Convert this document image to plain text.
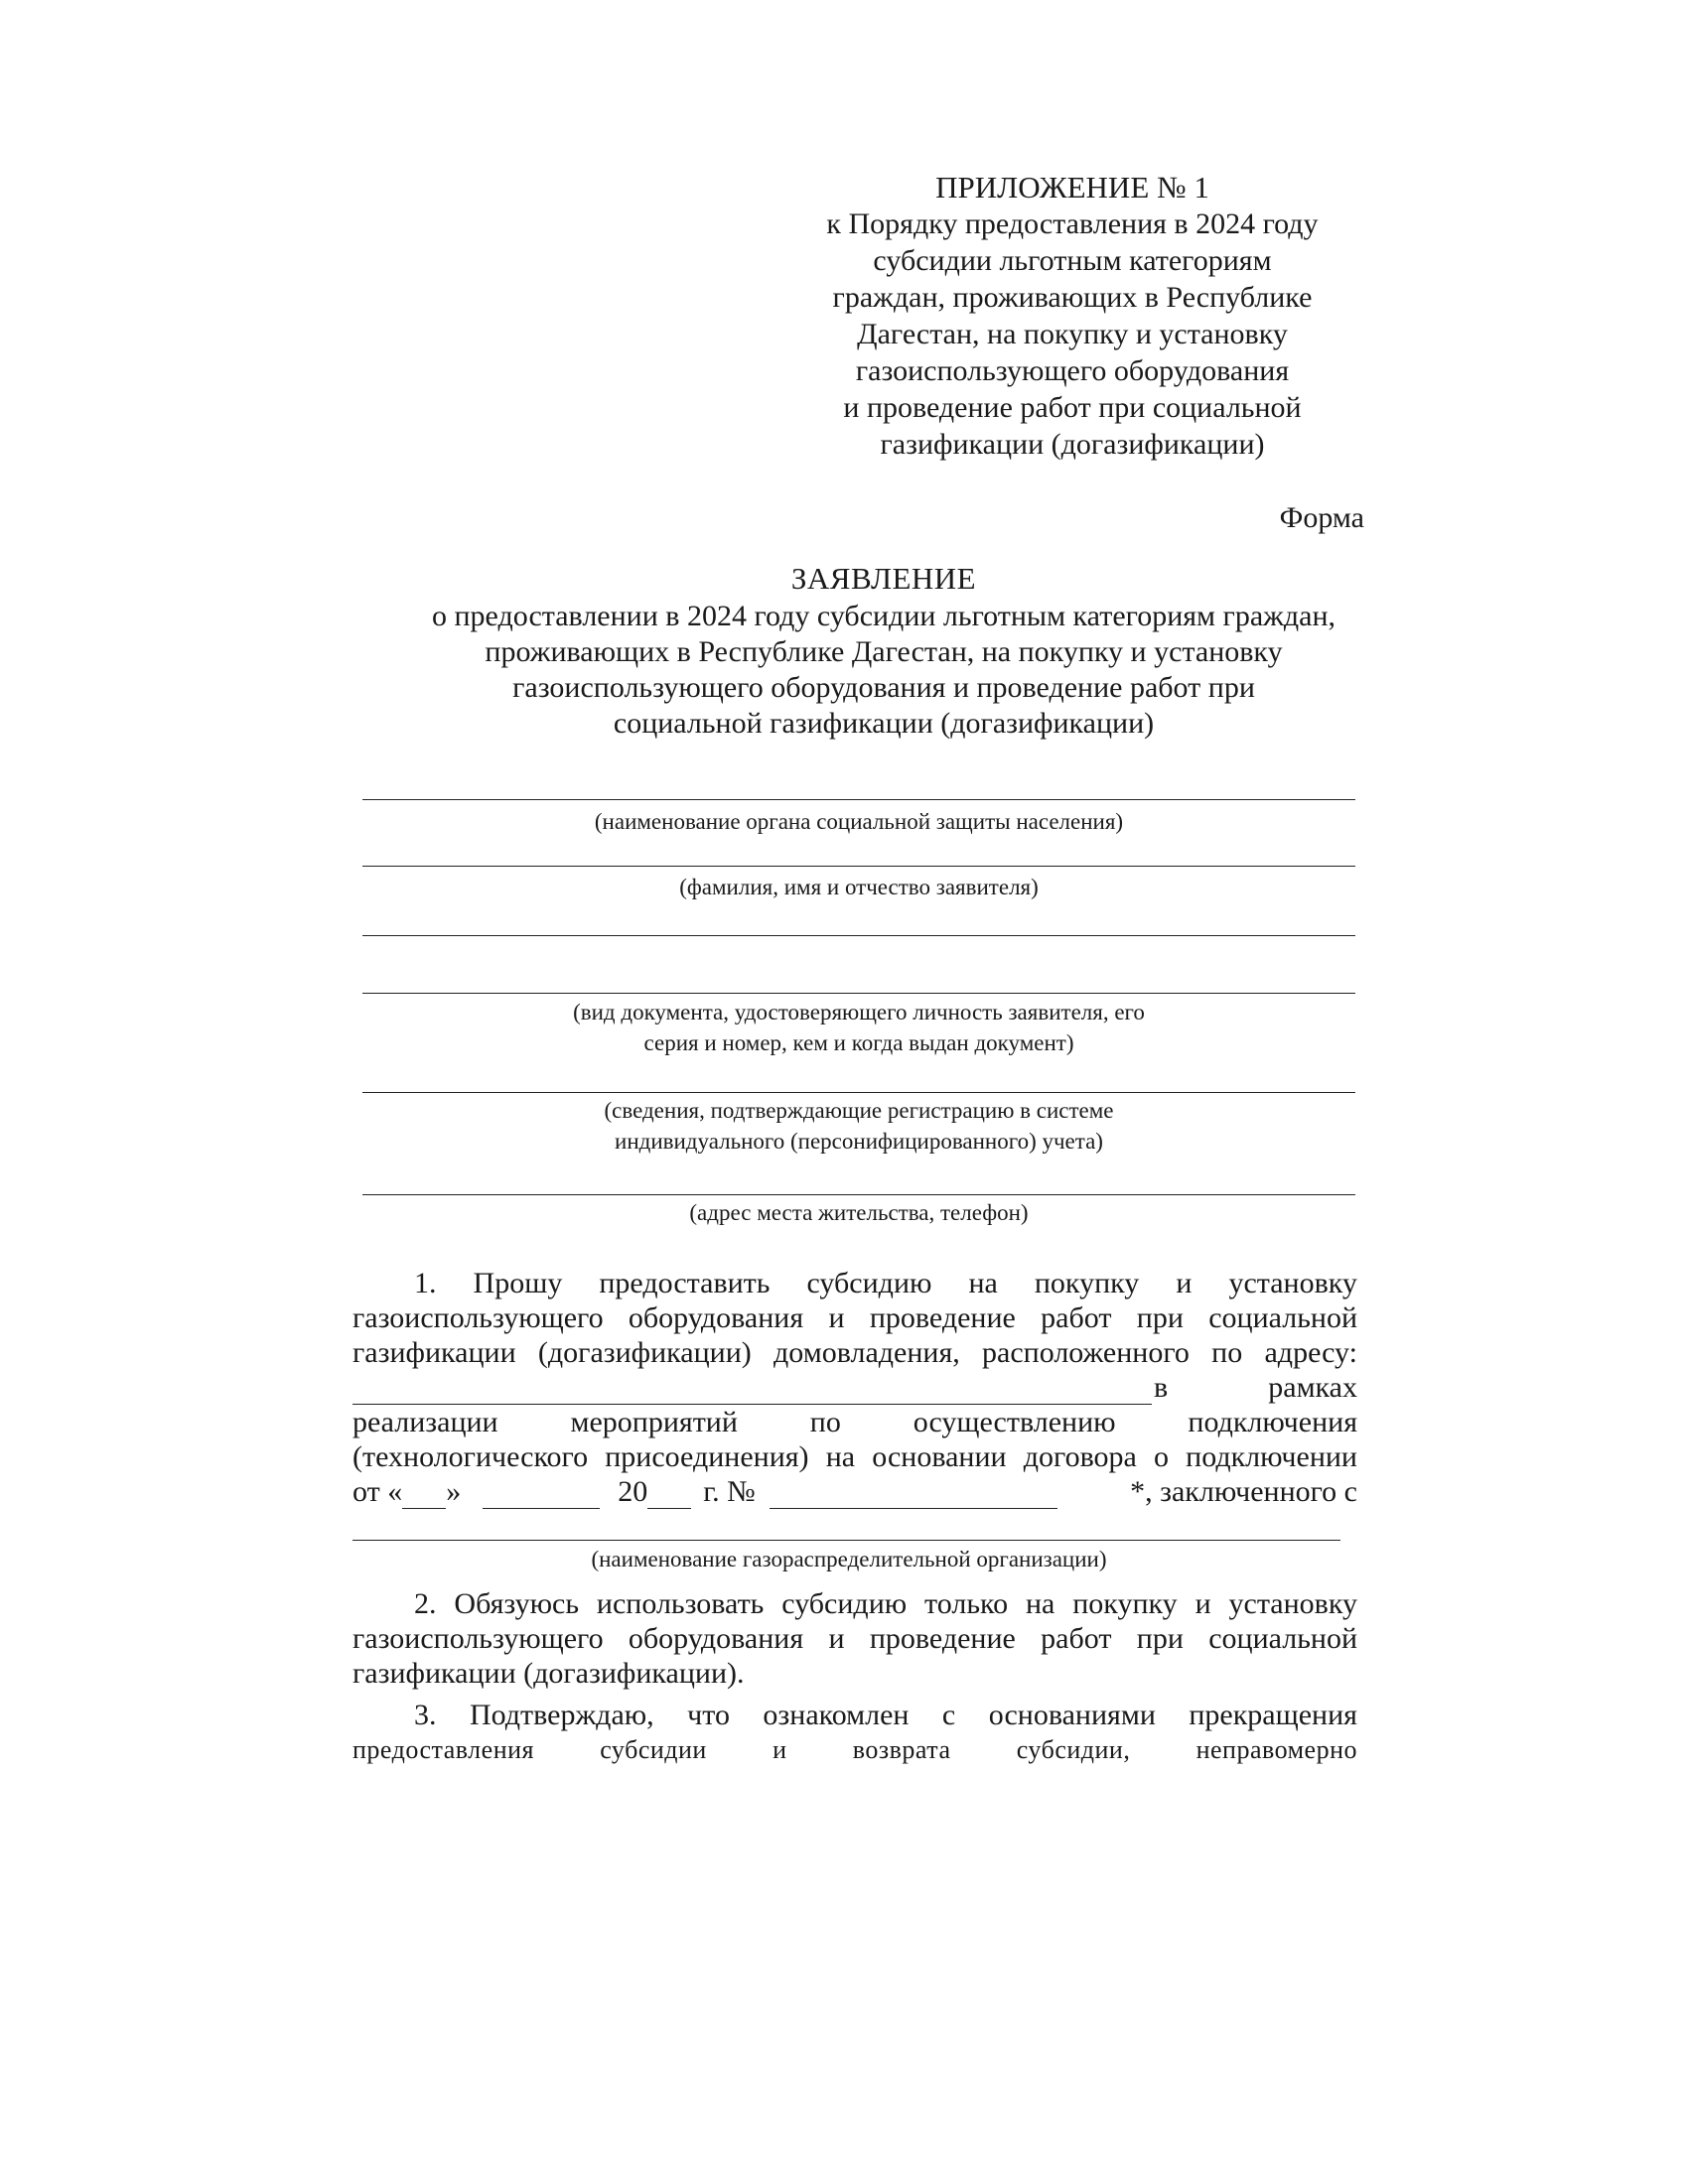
ПРИЛОЖЕНИЕ № 1
к Порядку предоставления в 2024 году
субсидии льготным категориям
граждан, проживающих в Республике
Дагестан, на покупку и установку
газоиспользующего оборудования
и проведение работ при социальной
газификации (догазификации)
Форма
ЗАЯВЛЕНИЕ
о предоставлении в 2024 году субсидии льготным категориям граждан,
проживающих в Республике Дагестан, на покупку и установку
газоиспользующего оборудования и проведение работ при
социальной газификации (догазификации)
(наименование органа социальной защиты населения)
(фамилия, имя и отчество заявителя)
(вид документа, удостоверяющего личность заявителя, его
серия и номер, кем и когда выдан документ)
(сведения, подтверждающие регистрацию в системе
индивидуального (персонифицированного) учета)
(адрес места жительства, телефон)
1. Прошу предоставить субсидию на покупку и установку
газоиспользующего оборудования и проведение работ при социальной
газификации (догазификации) домовладения, расположенного по адресу:
в	рамках
реализации мероприятий по осуществлению подключения
(технологического присоединения) на основании договора о подключении
от « »	20 г. №	*, заключенного с
(наименование газораспределительной организации)
2. Обязуюсь использовать субсидию только на покупку и установку
газоиспользующего оборудования и проведение работ при социальной
газификации (догазификации).
3. Подтверждаю, что ознакомлен с основаниями прекращения
предоставления	субсидии	и	возврата	субсидии,	неправомерно
